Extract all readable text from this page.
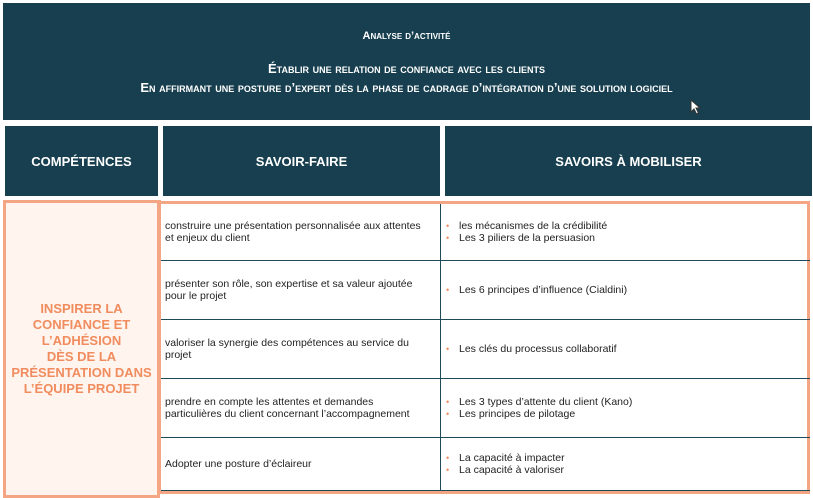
Analyse d’activité
Établir une relation de confiance avec les clients
En affirmant une posture d’expert dès la phase de cadrage d’intégration d’une solution logiciel
COMPÉTENCES	SAVOIR-FAIRE	SAVOIRS À MOBILISER
INSPIRER LA
CONFIANCE ET
L’ADHÉSION
DÈS DE LA
PRÉSENTATION DANS
L’ÉQUIPE PROJET
construire une présentation personnalisée aux attentes et enjeux du client
• les mécanismes de la crédibilité
• Les 3 piliers de la persuasion
présenter son rôle, son expertise et sa valeur ajoutée pour le projet
• Les 6 principes d’influence (Cialdini)
valoriser la synergie des compétences au service du projet
• Les clés du processus collaboratif
prendre en compte les attentes et demandes particulières du client concernant l’accompagnement
• Les 3 types d’attente du client (Kano)
• Les principes de pilotage
Adopter une posture d’éclaireur
• La capacité à impacter
• La capacité à valoriser
